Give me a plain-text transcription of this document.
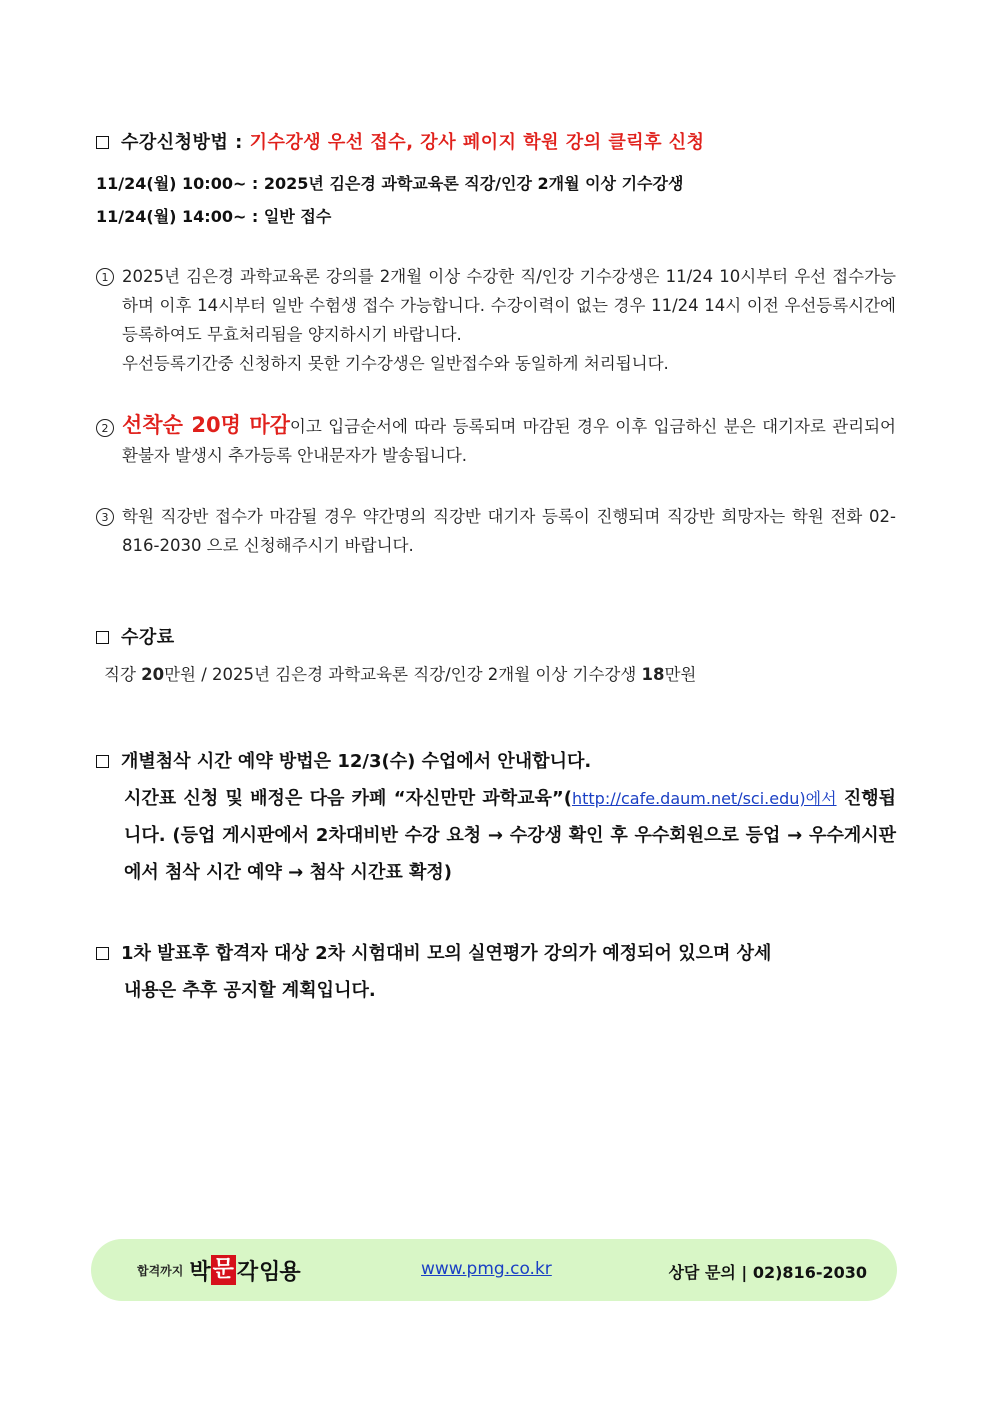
수강신청방법 : 기수강생 우선 접수, 강사 페이지 학원 강의 클릭후 신청
11/24(월) 10:00~ : 2025년 김은경 과학교육론 직강/인강 2개월 이상 기수강생
11/24(월) 14:00~ : 일반 접수
1 2025년 김은경 과학교육론 강의를 2개월 이상 수강한 직/인강 기수강생은 11/24 10시부터 우선 접수가능하며 이후 14시부터 일반 수험생 접수 가능합니다. 수강이력이 없는 경우 11/24 14시 이전 우선등록시간에 등록하여도 무효처리됨을 양지하시기 바랍니다.
우선등록기간중 신청하지 못한 기수강생은 일반접수와 동일하게 처리됩니다.
2 선착순 20명 마감이고 입금순서에 따라 등록되며 마감된 경우 이후 입금하신 분은 대기자로 관리되어 환불자 발생시 추가등록 안내문자가 발송됩니다.
3 학원 직강반 접수가 마감될 경우 약간명의 직강반 대기자 등록이 진행되며 직강반 희망자는 학원 전화 02-816-2030 으로 신청해주시기 바랍니다.
수강료
직강 20만원 / 2025년 김은경 과학교육론 직강/인강 2개월 이상 기수강생 18만원
개별첨삭 시간 예약 방법은 12/3(수) 수업에서 안내합니다.
시간표 신청 및 배정은 다음 카페 “자신만만 과학교육”(http://cafe.daum.net/sci.edu)에서 진행됩니다. (등업 게시판에서 2차대비반 수강 요청 → 수강생 확인 후 우수회원으로 등업 → 우수게시판에서 첨삭 시간 예약 → 첨삭 시간표 확정)
1차 발표후 합격자 대상 2차 시험대비 모의 실연평가 강의가 예정되어 있으며 상세
내용은 추후 공지할 계획입니다.
합격까지 박 문 각 임용	www.pmg.co.kr	상담 문의 | 02)816-2030
